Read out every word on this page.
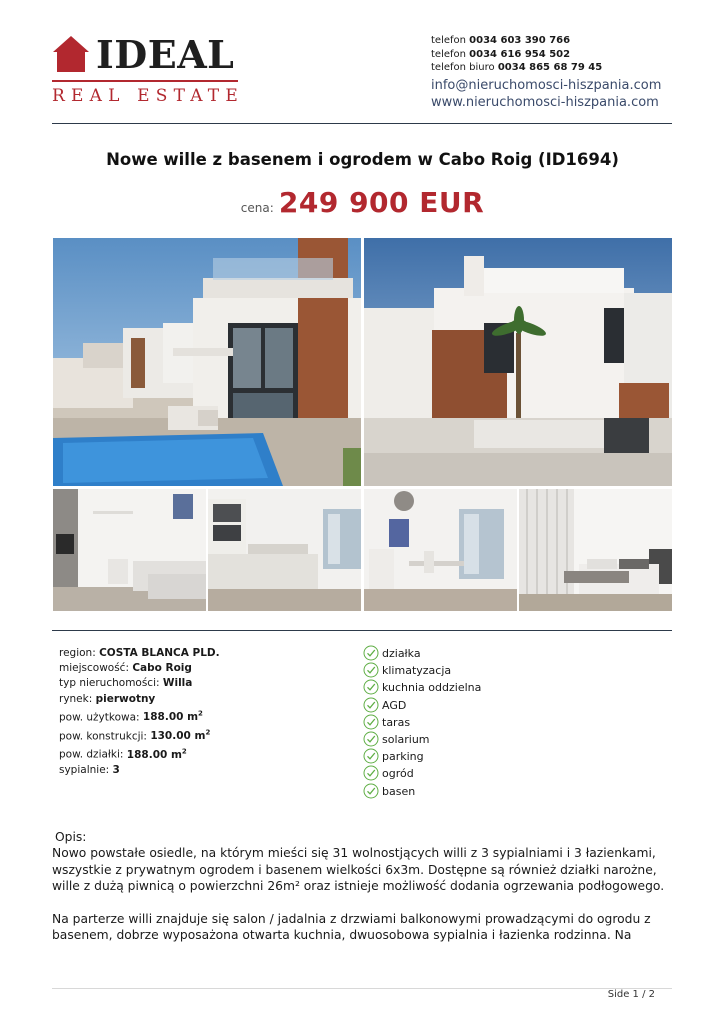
IDEAL
REAL ESTATE
telefon 0034 603 390 766
telefon 0034 616 954 502
telefon biuro 0034 865 68 79 45
info@nieruchomosci-hiszpania.com
www.nieruchomosci-hiszpania.com
Nowe wille z basenem i ogrodem w Cabo Roig (ID1694)
cena: 249 900 EUR
region: COSTA BLANCA PLD.
miejscowość: Cabo Roig
typ nieruchomości: Willa
rynek: pierwotny
pow. użytkowa: 188.00 $m^2$
pow. konstrukcji: 130.00 $m^2$
pow. działki: 188.00 $m^2$
sypialnie: 3
działka
klimatyzacja
kuchnia oddzielna
AGD
taras
solarium
parking
ogród
basen

Opis:

Nowo powstałe osiedle, na którym mieści się 31 wolnostjących willi z 3 sypialniami i 3 łazienkami, wszystkie z prywatnym ogrodem i basenem wielkości 6x3m. Dostępne są również działki narożne, wille z dużą piwnicą o powierzchni 26m² oraz istnieje możliwość dodania ogrzewania podłogowego.

Na parterze willi znajduje się salon / jadalnia z drzwiami balkonowymi prowadzącymi do ogrodu z basenem, dobrze wyposażona otwarta kuchnia, dwuosobowa sypialnia i łazienka rodzinna. Na

Side 1 / 2
